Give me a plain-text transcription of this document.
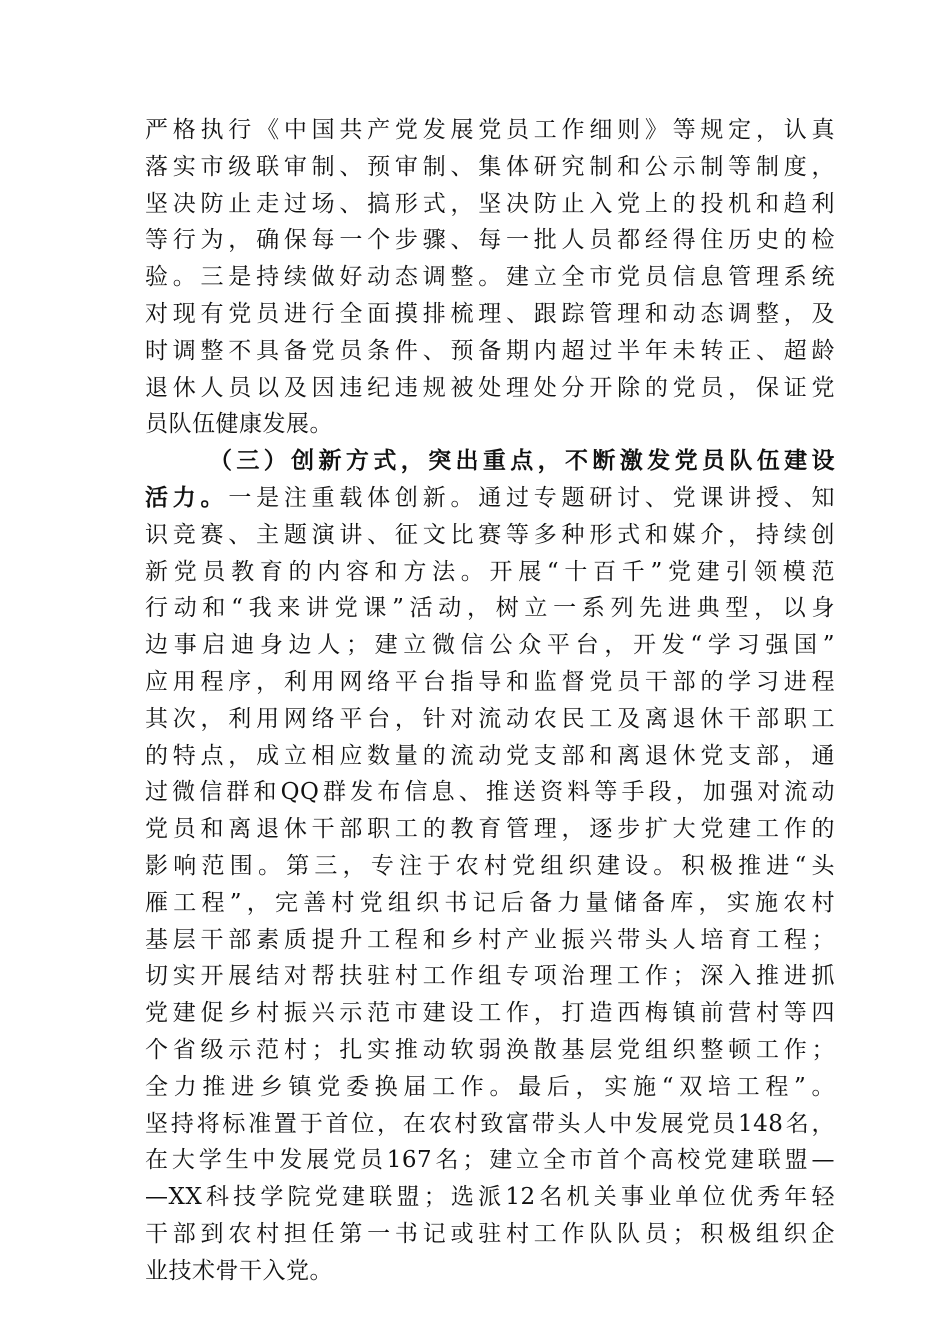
严格执行《中国共产党发展党员工作细则》等规定，认真
落实市级联审制、预审制、集体研究制和公示制等制度，
坚决防止走过场、搞形式，坚决防止入党上的投机和趋利
等行为，确保每一个步骤、每一批人员都经得住历史的检
验。三是持续做好动态调整。建立全市党员信息管理系统
对现有党员进行全面摸排梳理、跟踪管理和动态调整，及
时调整不具备党员条件、预备期内超过半年未转正、超龄
退休人员以及因违纪违规被处理处分开除的党员，保证党
员队伍健康发展。
（三）创新方式，突出重点，不断激发党员队伍建设
活力。一是注重载体创新。通过专题研讨、党课讲授、知
识竞赛、主题演讲、征文比赛等多种形式和媒介，持续创
新党员教育的内容和方法。开展“十百千”党建引领模范
行动和“我来讲党课”活动，树立一系列先进典型，以身
边事启迪身边人；建立微信公众平台，开发“学习强国”
应用程序，利用网络平台指导和监督党员干部的学习进程
其次，利用网络平台，针对流动农民工及离退休干部职工
的特点，成立相应数量的流动党支部和离退休党支部，通
过微信群和QQ群发布信息、推送资料等手段，加强对流动
党员和离退休干部职工的教育管理，逐步扩大党建工作的
影响范围。第三，专注于农村党组织建设。积极推进“头
雁工程”，完善村党组织书记后备力量储备库，实施农村
基层干部素质提升工程和乡村产业振兴带头人培育工程；
切实开展结对帮扶驻村工作组专项治理工作；深入推进抓
党建促乡村振兴示范市建设工作，打造西梅镇前营村等四
个省级示范村；扎实推动软弱涣散基层党组织整顿工作；
全力推进乡镇党委换届工作。最后，实施“双培工程”。
坚持将标准置于首位，在农村致富带头人中发展党员148名，
在大学生中发展党员167名；建立全市首个高校党建联盟—
—XX科技学院党建联盟；选派12名机关事业单位优秀年轻
干部到农村担任第一书记或驻村工作队队员；积极组织企
业技术骨干入党。
